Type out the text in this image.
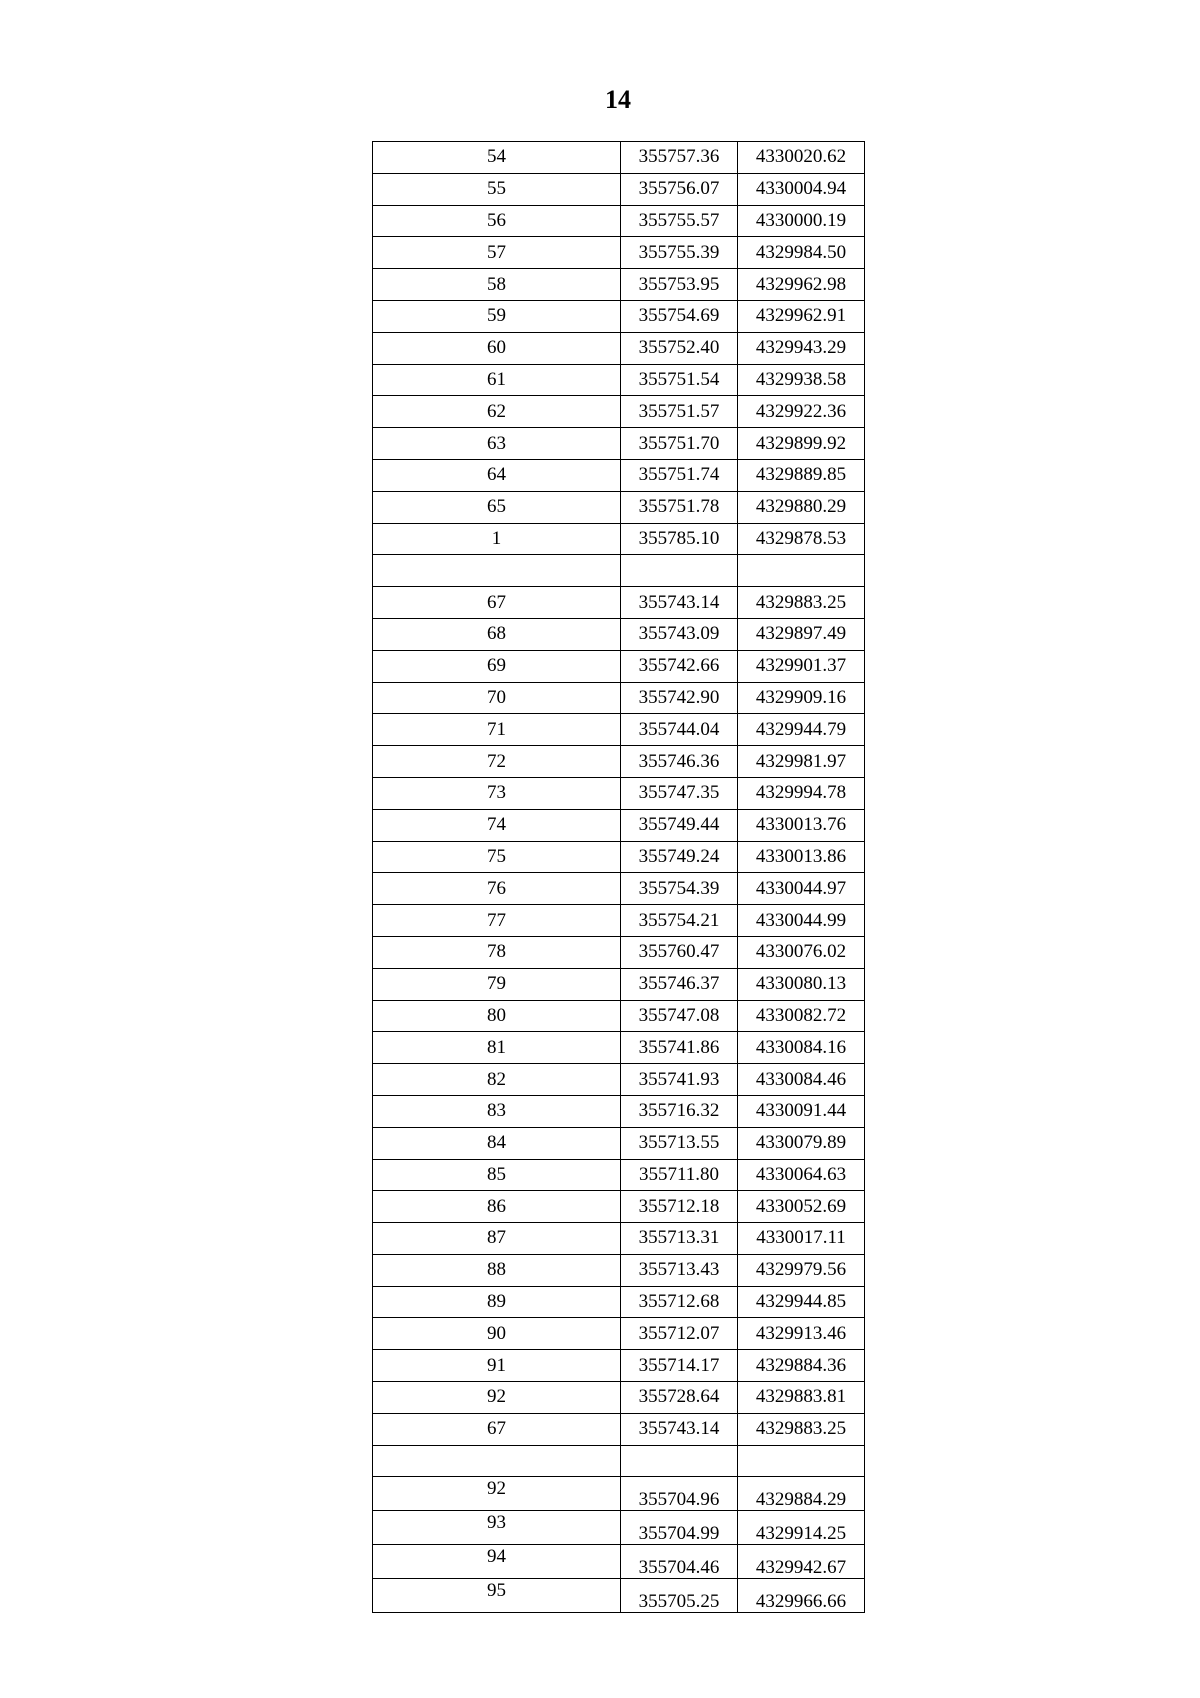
14
54	355757.36	4330020.62
55	355756.07	4330004.94
56	355755.57	4330000.19
57	355755.39	4329984.50
58	355753.95	4329962.98
59	355754.69	4329962.91
60	355752.40	4329943.29
61	355751.54	4329938.58
62	355751.57	4329922.36
63	355751.70	4329899.92
64	355751.74	4329889.85
65	355751.78	4329880.29
1	355785.10	4329878.53

67	355743.14	4329883.25
68	355743.09	4329897.49
69	355742.66	4329901.37
70	355742.90	4329909.16
71	355744.04	4329944.79
72	355746.36	4329981.97
73	355747.35	4329994.78
74	355749.44	4330013.76
75	355749.24	4330013.86
76	355754.39	4330044.97
77	355754.21	4330044.99
78	355760.47	4330076.02
79	355746.37	4330080.13
80	355747.08	4330082.72
81	355741.86	4330084.16
82	355741.93	4330084.46
83	355716.32	4330091.44
84	355713.55	4330079.89
85	355711.80	4330064.63
86	355712.18	4330052.69
87	355713.31	4330017.11
88	355713.43	4329979.56
89	355712.68	4329944.85
90	355712.07	4329913.46
91	355714.17	4329884.36
92	355728.64	4329883.81
67	355743.14	4329883.25

92	355704.96	4329884.29
93	355704.99	4329914.25
94	355704.46	4329942.67
95	355705.25	4329966.66
